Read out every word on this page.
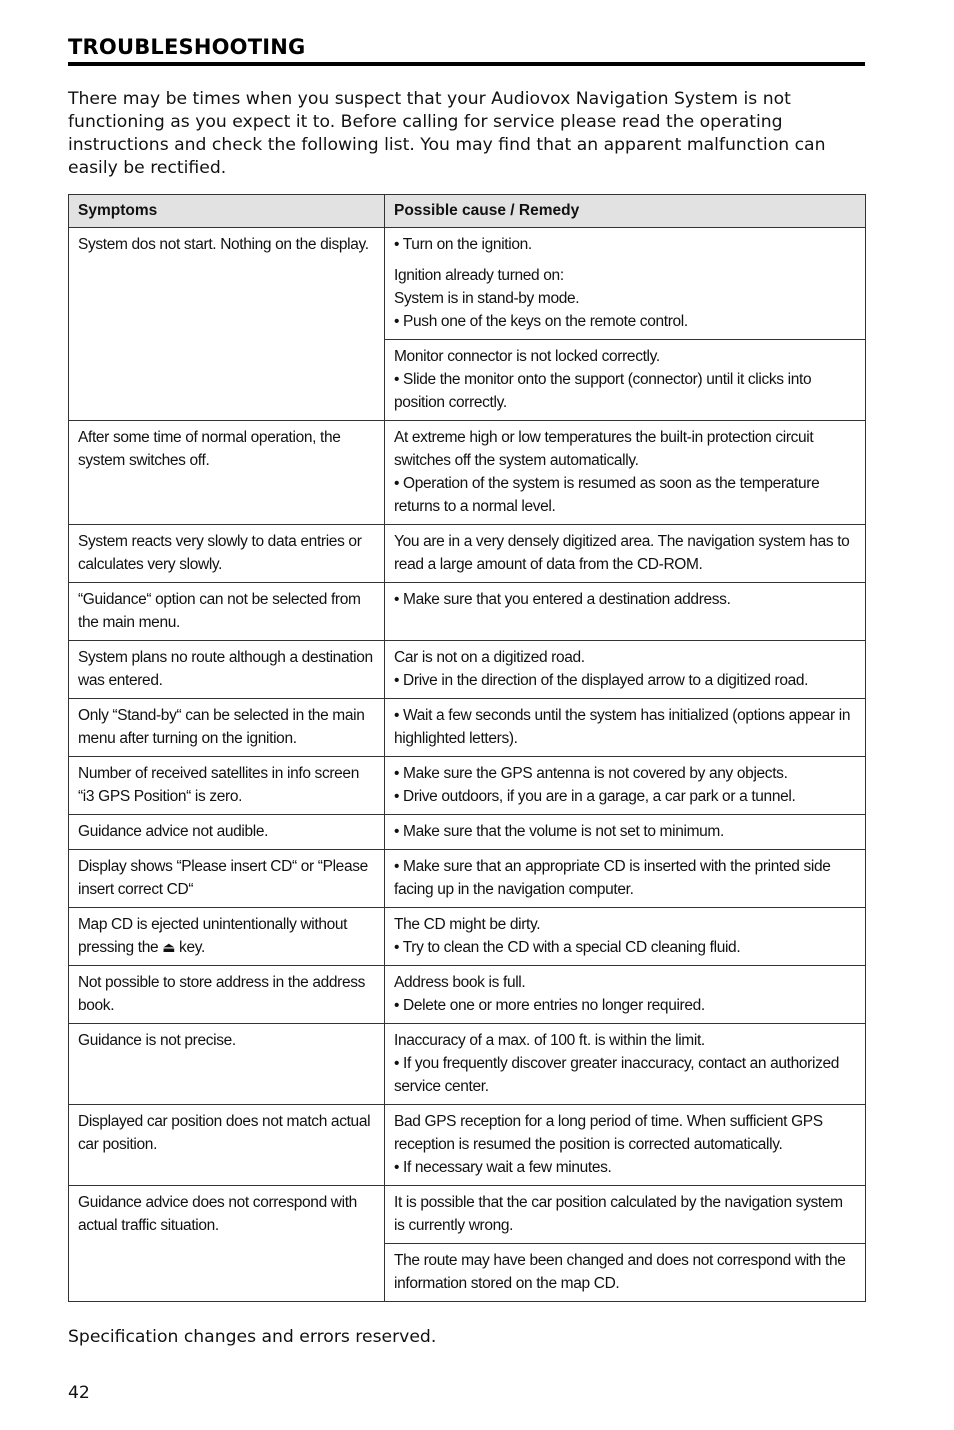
TROUBLESHOOTING

There may be times when you suspect that your Audiovox Navigation System is not functioning as you expect it to. Before calling for service please read the operating instructions and check the following list. You may find that an apparent malfunction can easily be rectified.

Symptoms	Possible cause / Remedy
System dos not start. Nothing on the display.	• Turn on the ignition.
Ignition already turned on:
System is in stand-by mode.
• Push one of the keys on the remote control.

	Monitor connector is not locked correctly.
• Slide the monitor onto the support (connector) until it clicks into position correctly.

After some time of normal operation, the system switches off.	At extreme high or low temperatures the built-in protection circuit switches off the system automatically.
• Operation of the system is resumed as soon as the temperature returns to a normal level.

System reacts very slowly to data entries or calculates very slowly.	You are in a very densely digitized area. The navigation system has to read a large amount of data from the CD-ROM.

“Guidance“ option can not be selected from the main menu.	• Make sure that you entered a destination address.

System plans no route although a destination was entered.	Car is not on a digitized road.
• Drive in the direction of the displayed arrow to a digitized road.

Only “Stand-by“ can be selected in the main menu after turning on the ignition.	• Wait a few seconds until the system has initialized (options appear in highlighted letters).

Number of received satellites in info screen “i3 GPS Position“ is zero.	• Make sure the GPS antenna is not covered by any objects.
• Drive outdoors, if you are in a garage, a car park or a tunnel.

Guidance advice not audible.	• Make sure that the volume is not set to minimum.

Display shows “Please insert CD“ or “Please insert correct CD“	• Make sure that an appropriate CD is inserted with the printed side facing up in the navigation computer.

Map CD is ejected unintentionally without pressing the ⏏ key.	The CD might be dirty.
• Try to clean the CD with a special CD cleaning fluid.

Not possible to store address in the address book.	Address book is full.
• Delete one or more entries no longer required.

Guidance is not precise.	Inaccuracy of a max. of 100 ft. is within the limit.
• If you frequently discover greater inaccuracy, contact an authorized service center.

Displayed car position does not match actual car position.	Bad GPS reception for a long period of time. When sufficient GPS reception is resumed the position is corrected automatically.
• If necessary wait a few minutes.

Guidance advice does not correspond with actual traffic situation.	It is possible that the car position calculated by the navigation system is currently wrong.

	The route may have been changed and does not correspond with the information stored on the map CD.
Specification changes and errors reserved.
42
